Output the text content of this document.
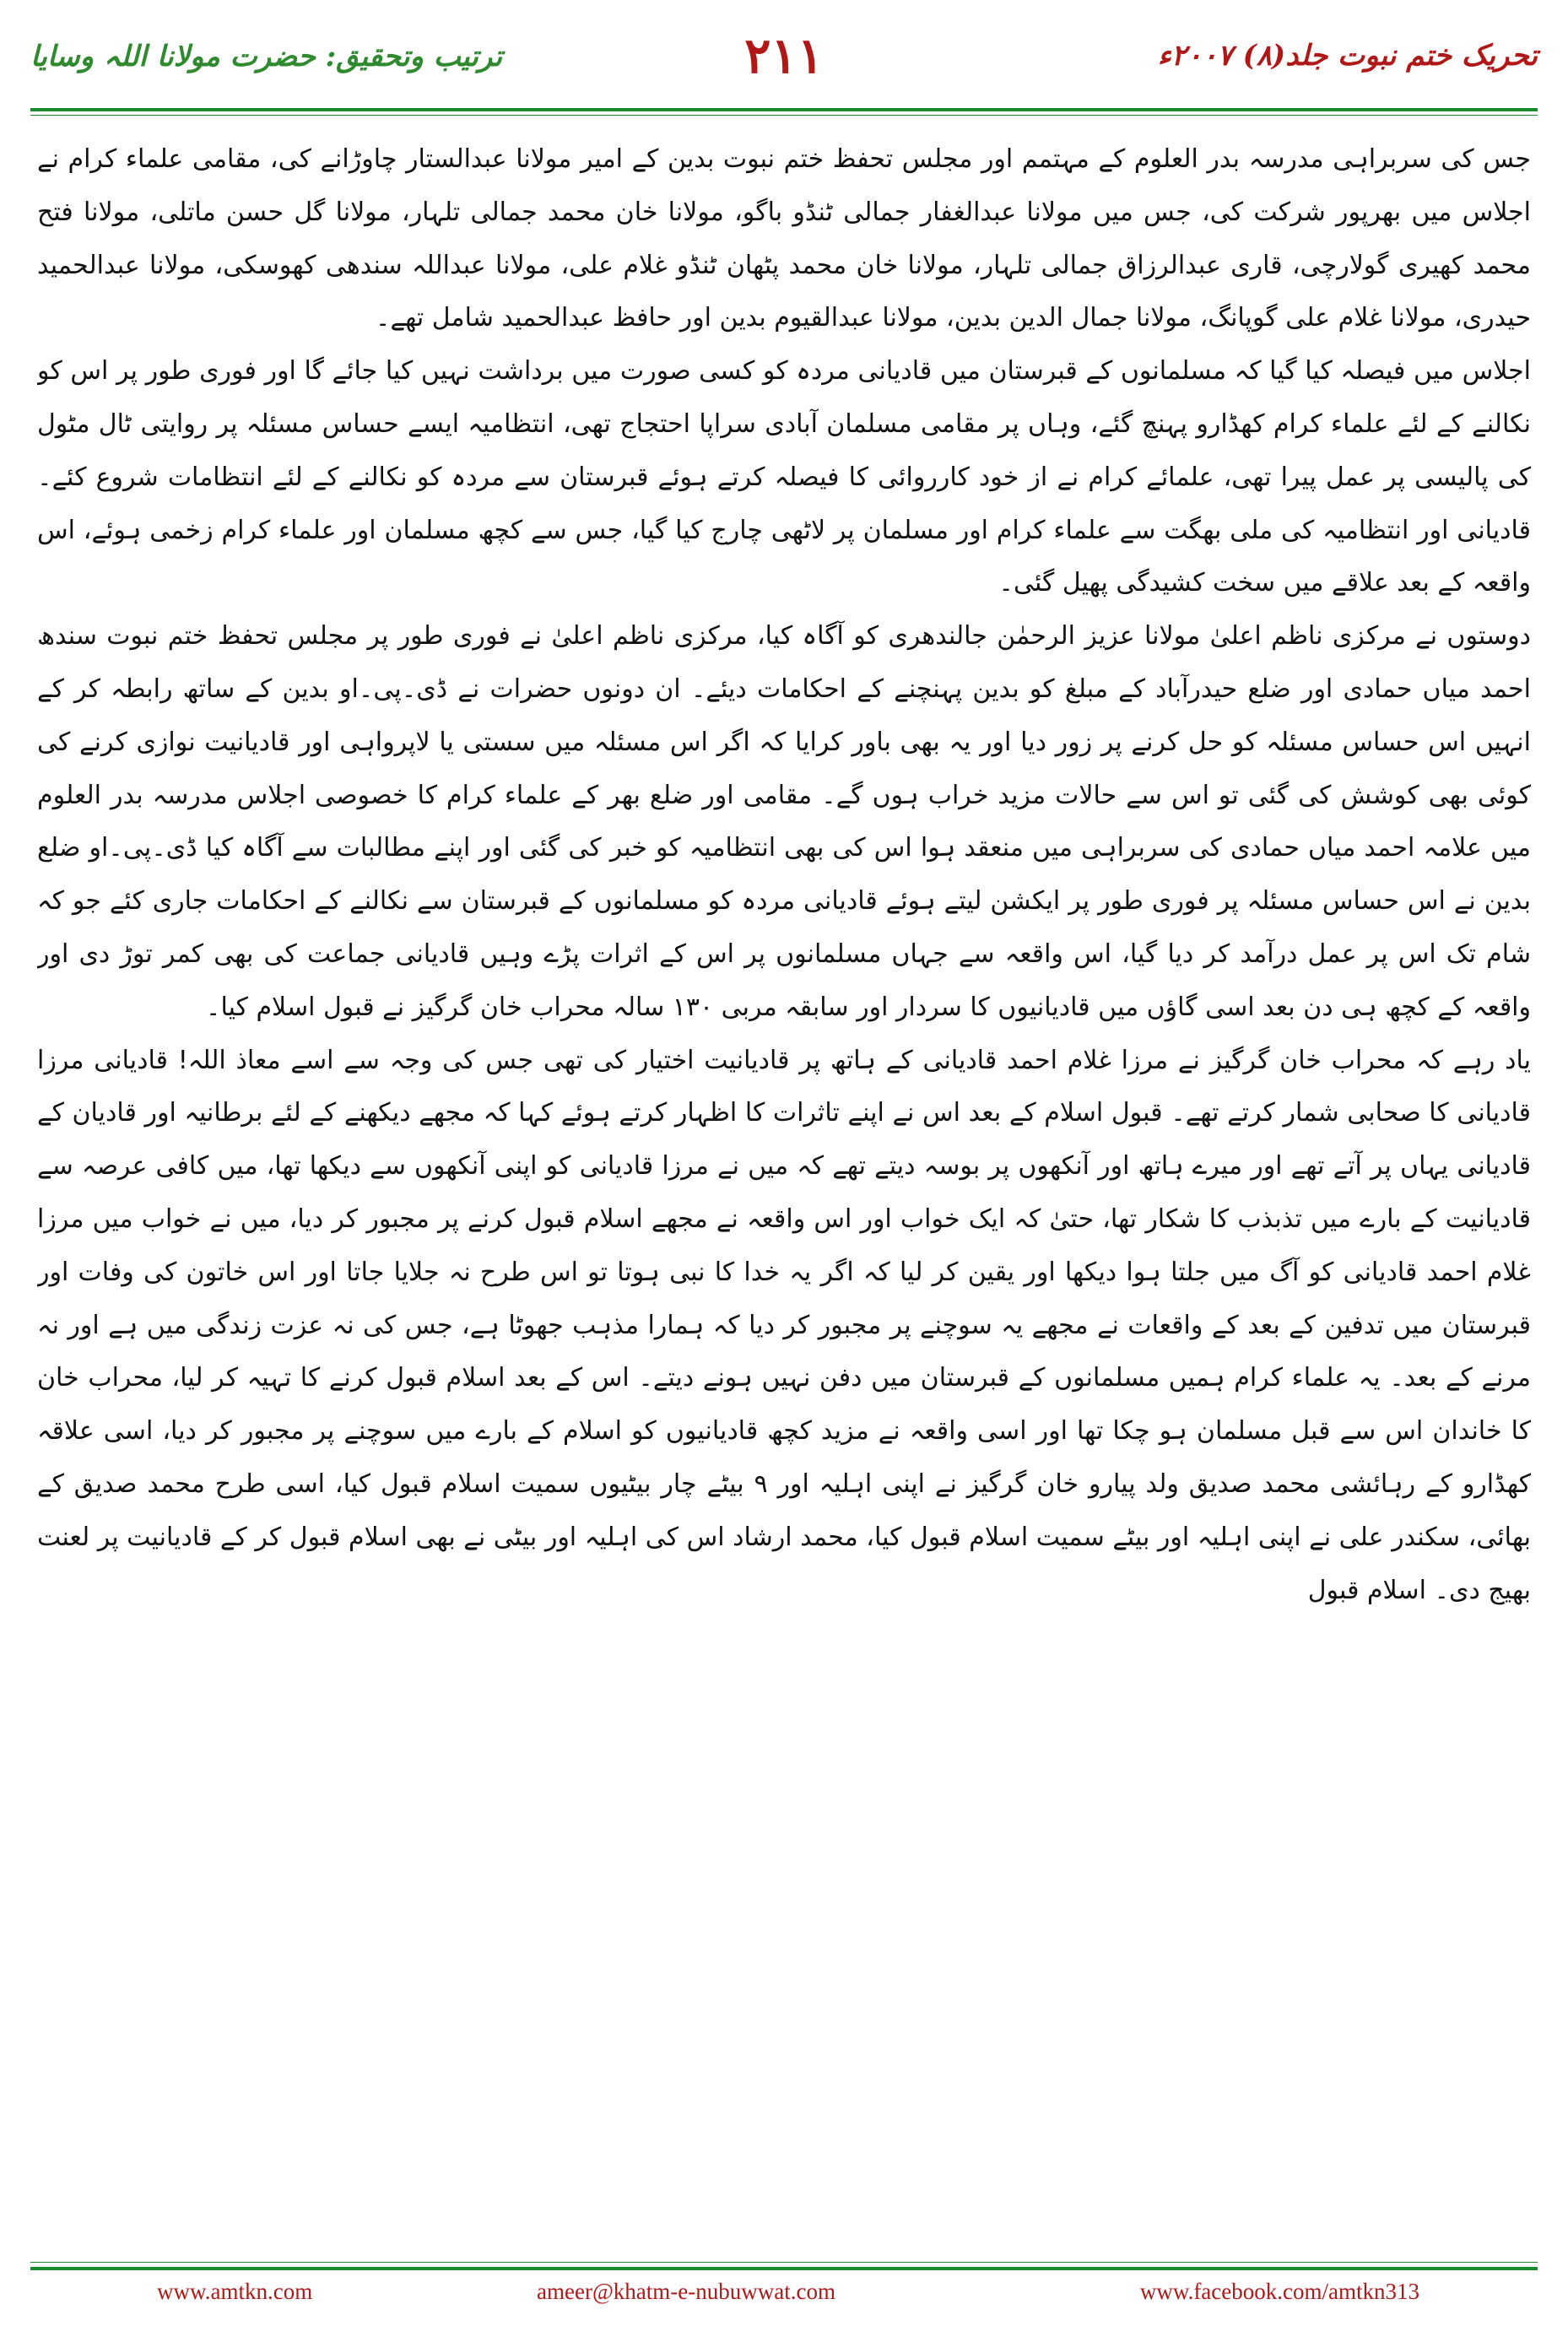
ترتیب وتحقیق: حضرت مولانا اللہ وسایا	۲۱۱	تحریک ختم نبوت جلد(۸) ۲۰۰۷ء

جس کی سربراہی مدرسہ بدر العلوم کے مہتمم اور مجلس تحفظ ختم نبوت بدین کے امیر مولانا عبدالستار چاوڑانے کی، مقامی علماء کرام نے اجلاس میں بھرپور شرکت کی، جس میں مولانا عبدالغفار جمالی ٹنڈو باگو، مولانا خان محمد جمالی تلہار، مولانا گل حسن ماتلی، مولانا فتح محمد کھیری گولارچی، قاری عبدالرزاق جمالی تلہار، مولانا خان محمد پٹھان ٹنڈو غلام علی، مولانا عبداللہ سندھی کھوسکی، مولانا عبدالحمید حیدری، مولانا غلام علی گوپانگ، مولانا جمال الدین بدین، مولانا عبدالقیوم بدین اور حافظ عبدالحمید شامل تھے۔

اجلاس میں فیصلہ کیا گیا کہ مسلمانوں کے قبرستان میں قادیانی مردہ کو کسی صورت میں برداشت نہیں کیا جائے گا اور فوری طور پر اس کو نکالنے کے لئے علماء کرام کھڈارو پہنچ گئے، وہاں پر مقامی مسلمان آبادی سراپا احتجاج تھی، انتظامیہ ایسے حساس مسئلہ پر روایتی ٹال مٹول کی پالیسی پر عمل پیرا تھی، علمائے کرام نے از خود کارروائی کا فیصلہ کرتے ہوئے قبرستان سے مردہ کو نکالنے کے لئے انتظامات شروع کئے۔ قادیانی اور انتظامیہ کی ملی بھگت سے علماء کرام اور مسلمان پر لاٹھی چارج کیا گیا، جس سے کچھ مسلمان اور علماء کرام زخمی ہوئے، اس واقعہ کے بعد علاقے میں سخت کشیدگی پھیل گئی۔

دوستوں نے مرکزی ناظم اعلیٰ مولانا عزیز الرحمٰن جالندھری کو آگاہ کیا، مرکزی ناظم اعلیٰ نے فوری طور پر مجلس تحفظ ختم نبوت سندھ احمد میاں حمادی اور ضلع حیدرآباد کے مبلغ کو بدین پہنچنے کے احکامات دیئے۔ ان دونوں حضرات نے ڈی۔پی۔او بدین کے ساتھ رابطہ کر کے انہیں اس حساس مسئلہ کو حل کرنے پر زور دیا اور یہ بھی باور کرایا کہ اگر اس مسئلہ میں سستی یا لاپرواہی اور قادیانیت نوازی کرنے کی کوئی بھی کوشش کی گئی تو اس سے حالات مزید خراب ہوں گے۔ مقامی اور ضلع بھر کے علماء کرام کا خصوصی اجلاس مدرسہ بدر العلوم میں علامہ احمد میاں حمادی کی سربراہی میں منعقد ہوا اس کی بھی انتظامیہ کو خبر کی گئی اور اپنے مطالبات سے آگاہ کیا ڈی۔پی۔او ضلع بدین نے اس حساس مسئلہ پر فوری طور پر ایکشن لیتے ہوئے قادیانی مردہ کو مسلمانوں کے قبرستان سے نکالنے کے احکامات جاری کئے جو کہ شام تک اس پر عمل درآمد کر دیا گیا، اس واقعہ سے جہاں مسلمانوں پر اس کے اثرات پڑے وہیں قادیانی جماعت کی بھی کمر توڑ دی اور واقعہ کے کچھ ہی دن بعد اسی گاؤں میں قادیانیوں کا سردار اور سابقہ مربی ۱۳۰ سالہ محراب خان گرگیز نے قبول اسلام کیا۔

یاد رہے کہ محراب خان گرگیز نے مرزا غلام احمد قادیانی کے ہاتھ پر قادیانیت اختیار کی تھی جس کی وجہ سے اسے معاذ اللہ! قادیانی مرزا قادیانی کا صحابی شمار کرتے تھے۔ قبول اسلام کے بعد اس نے اپنے تاثرات کا اظہار کرتے ہوئے کہا کہ مجھے دیکھنے کے لئے برطانیہ اور قادیان کے قادیانی یہاں پر آتے تھے اور میرے ہاتھ اور آنکھوں پر بوسہ دیتے تھے کہ میں نے مرزا قادیانی کو اپنی آنکھوں سے دیکھا تھا، میں کافی عرصہ سے قادیانیت کے بارے میں تذبذب کا شکار تھا، حتیٰ کہ ایک خواب اور اس واقعہ نے مجھے اسلام قبول کرنے پر مجبور کر دیا، میں نے خواب میں مرزا غلام احمد قادیانی کو آگ میں جلتا ہوا دیکھا اور یقین کر لیا کہ اگر یہ خدا کا نبی ہوتا تو اس طرح نہ جلایا جاتا اور اس خاتون کی وفات اور قبرستان میں تدفین کے بعد کے واقعات نے مجھے یہ سوچنے پر مجبور کر دیا کہ ہمارا مذہب جھوٹا ہے، جس کی نہ عزت زندگی میں ہے اور نہ مرنے کے بعد۔ یہ علماء کرام ہمیں مسلمانوں کے قبرستان میں دفن نہیں ہونے دیتے۔ اس کے بعد اسلام قبول کرنے کا تہیہ کر لیا، محراب خان کا خاندان اس سے قبل مسلمان ہو چکا تھا اور اسی واقعہ نے مزید کچھ قادیانیوں کو اسلام کے بارے میں سوچنے پر مجبور کر دیا، اسی علاقہ کھڈارو کے رہائشی محمد صدیق ولد پیارو خان گرگیز نے اپنی اہلیہ اور ۹ بیٹے چار بیٹیوں سمیت اسلام قبول کیا، اسی طرح محمد صدیق کے بھائی، سکندر علی نے اپنی اہلیہ اور بیٹے سمیت اسلام قبول کیا، محمد ارشاد اس کی اہلیہ اور بیٹی نے بھی اسلام قبول کر کے قادیانیت پر لعنت بھیج دی۔ اسلام قبول

www.amtkn.com	ameer@khatm-e-nubuwwat.com	www.facebook.com/amtkn313
